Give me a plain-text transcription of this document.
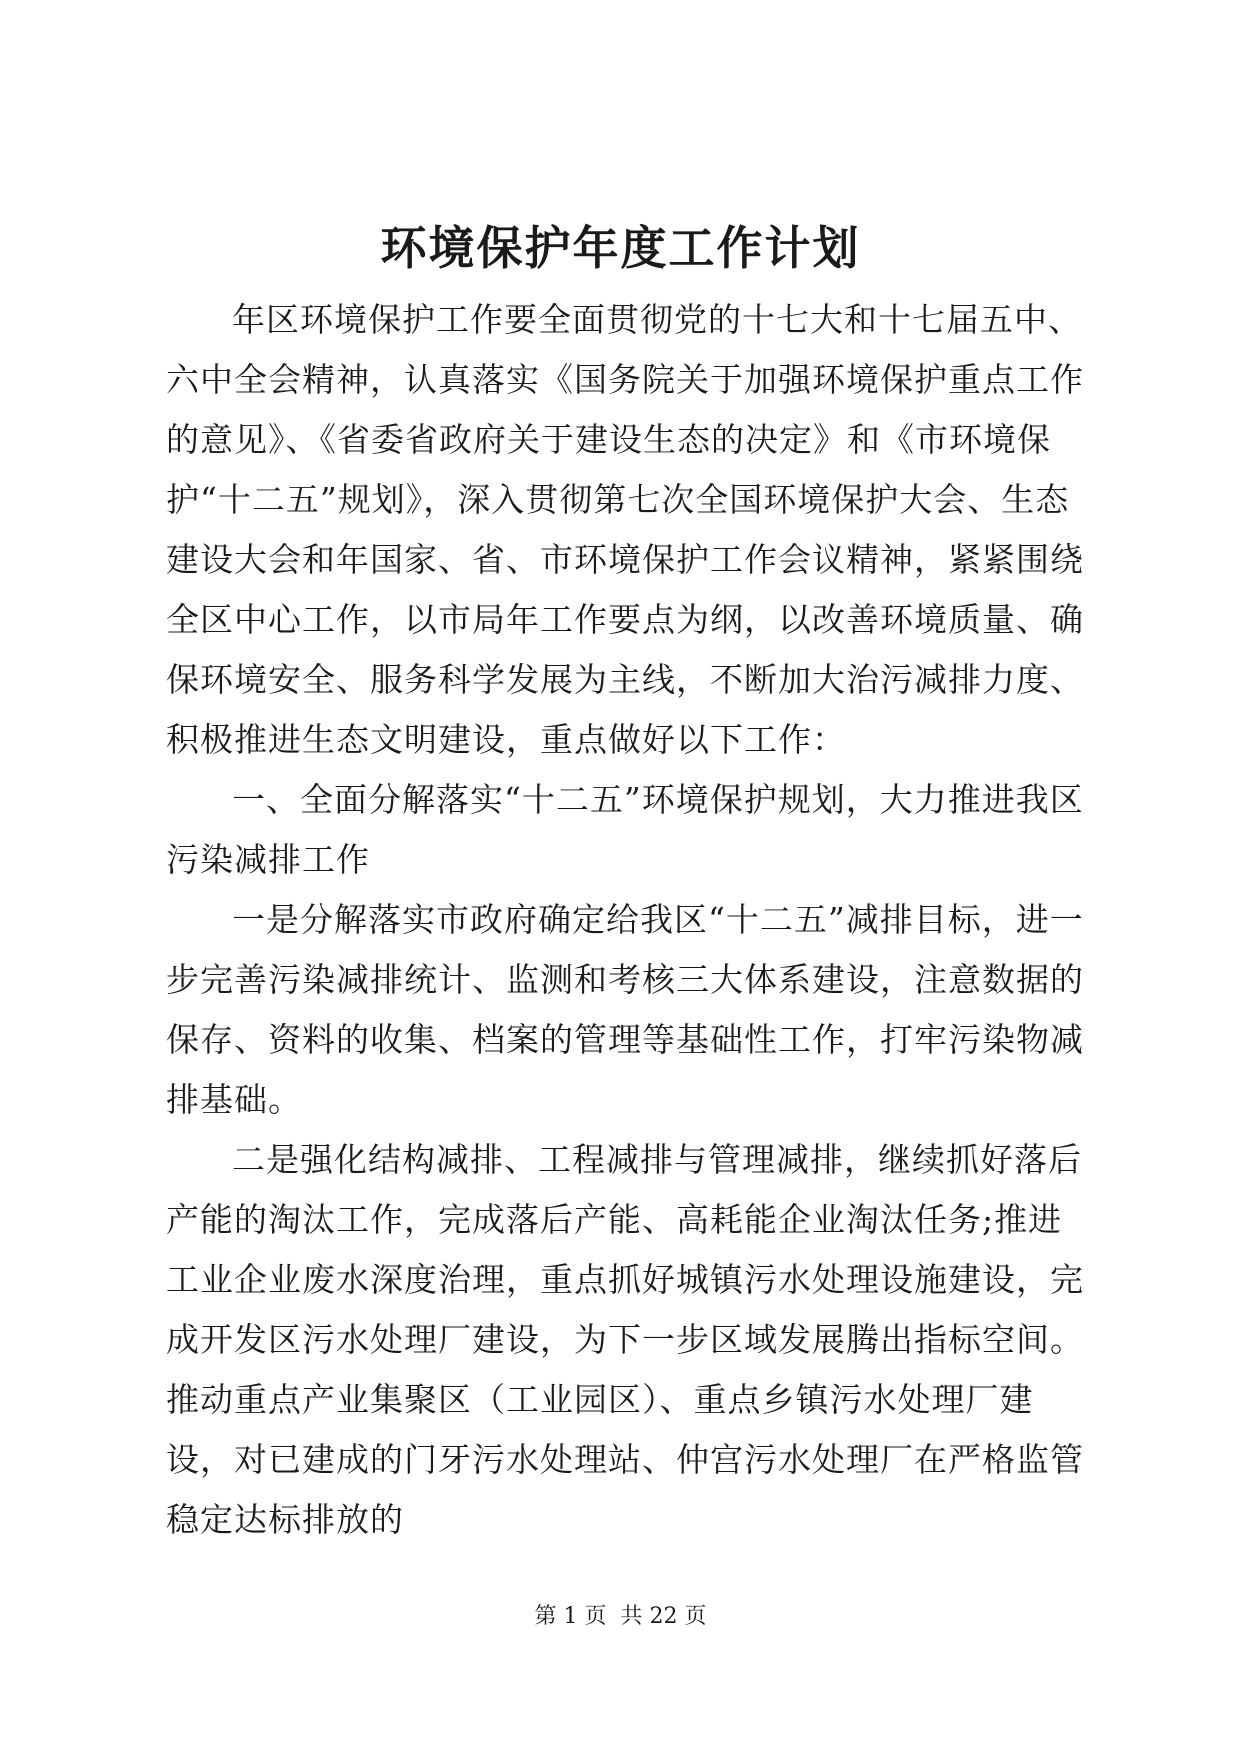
环境保护年度工作计划

年区环境保护工作要全面贯彻党的十七大和十七届五中、六中全会精神，认真落实《国务院关于加强环境保护重点工作的意见》、《省委省政府关于建设生态的决定》和《市环境保护“十二五”规划》，深入贯彻第七次全国环境保护大会、生态建设大会和年国家、省、市环境保护工作会议精神，紧紧围绕全区中心工作，以市局年工作要点为纲，以改善环境质量、确保环境安全、服务科学发展为主线，不断加大治污减排力度、积极推进生态文明建设，重点做好以下工作：

一、全面分解落实“十二五”环境保护规划，大力推进我区污染减排工作

一是分解落实市政府确定给我区“十二五”减排目标，进一步完善污染减排统计、监测和考核三大体系建设，注意数据的保存、资料的收集、档案的管理等基础性工作，打牢污染物减排基础。

二是强化结构减排、工程减排与管理减排，继续抓好落后产能的淘汰工作，完成落后产能、高耗能企业淘汰任务;推进工业企业废水深度治理，重点抓好城镇污水处理设施建设，完成开发区污水处理厂建设，为下一步区域发展腾出指标空间。推动重点产业集聚区（工业园区）、重点乡镇污水处理厂建设，对已建成的门牙污水处理站、仲宫污水处理厂在严格监管稳定达标排放的

第 1 页  共 22 页
